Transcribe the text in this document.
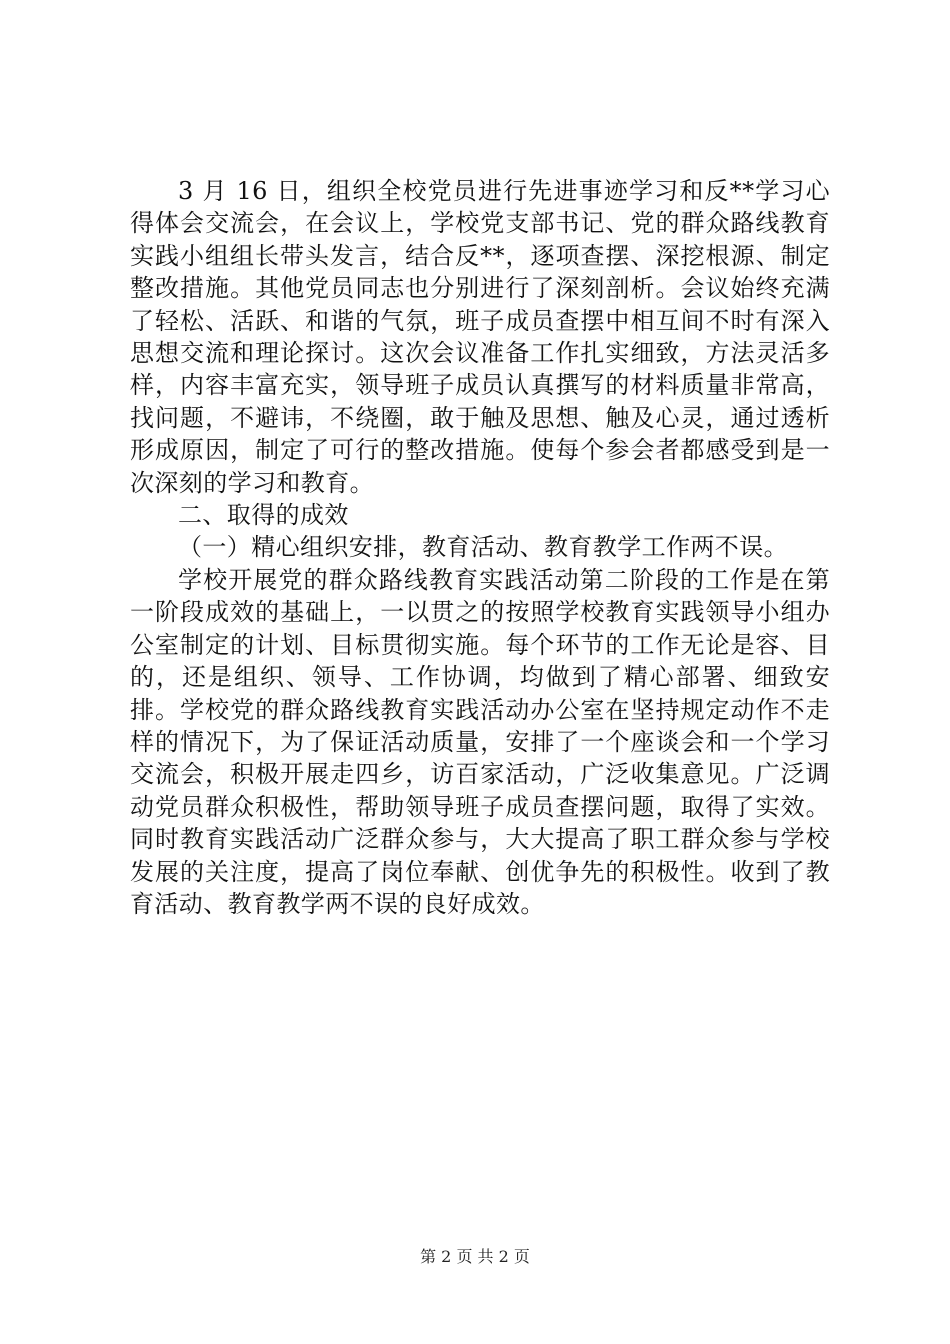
3 月 16 日，组织全校党员进行先进事迹学习和反**学习心得体会交流会，在会议上，学校党支部书记、党的群众路线教育实践小组组长带头发言，结合反**，逐项查摆、深挖根源、制定整改措施。其他党员同志也分别进行了深刻剖析。会议始终充满了轻松、活跃、和谐的气氛，班子成员查摆中相互间不时有深入思想交流和理论探讨。这次会议准备工作扎实细致，方法灵活多样，内容丰富充实，领导班子成员认真撰写的材料质量非常高，找问题，不避讳，不绕圈，敢于触及思想、触及心灵，通过透析形成原因，制定了可行的整改措施。使每个参会者都感受到是一次深刻的学习和教育。

二、取得的成效

（一）精心组织安排，教育活动、教育教学工作两不误。

学校开展党的群众路线教育实践活动第二阶段的工作是在第一阶段成效的基础上，一以贯之的按照学校教育实践领导小组办公室制定的计划、目标贯彻实施。每个环节的工作无论是容、目的，还是组织、领导、工作协调，均做到了精心部署、细致安排。学校党的群众路线教育实践活动办公室在坚持规定动作不走样的情况下，为了保证活动质量，安排了一个座谈会和一个学习交流会，积极开展走四乡，访百家活动，广泛收集意见。广泛调动党员群众积极性，帮助领导班子成员查摆问题，取得了实效。同时教育实践活动广泛群众参与，大大提高了职工群众参与学校发展的关注度，提高了岗位奉献、创优争先的积极性。收到了教育活动、教育教学两不误的良好成效。

第 2 页 共 2 页
